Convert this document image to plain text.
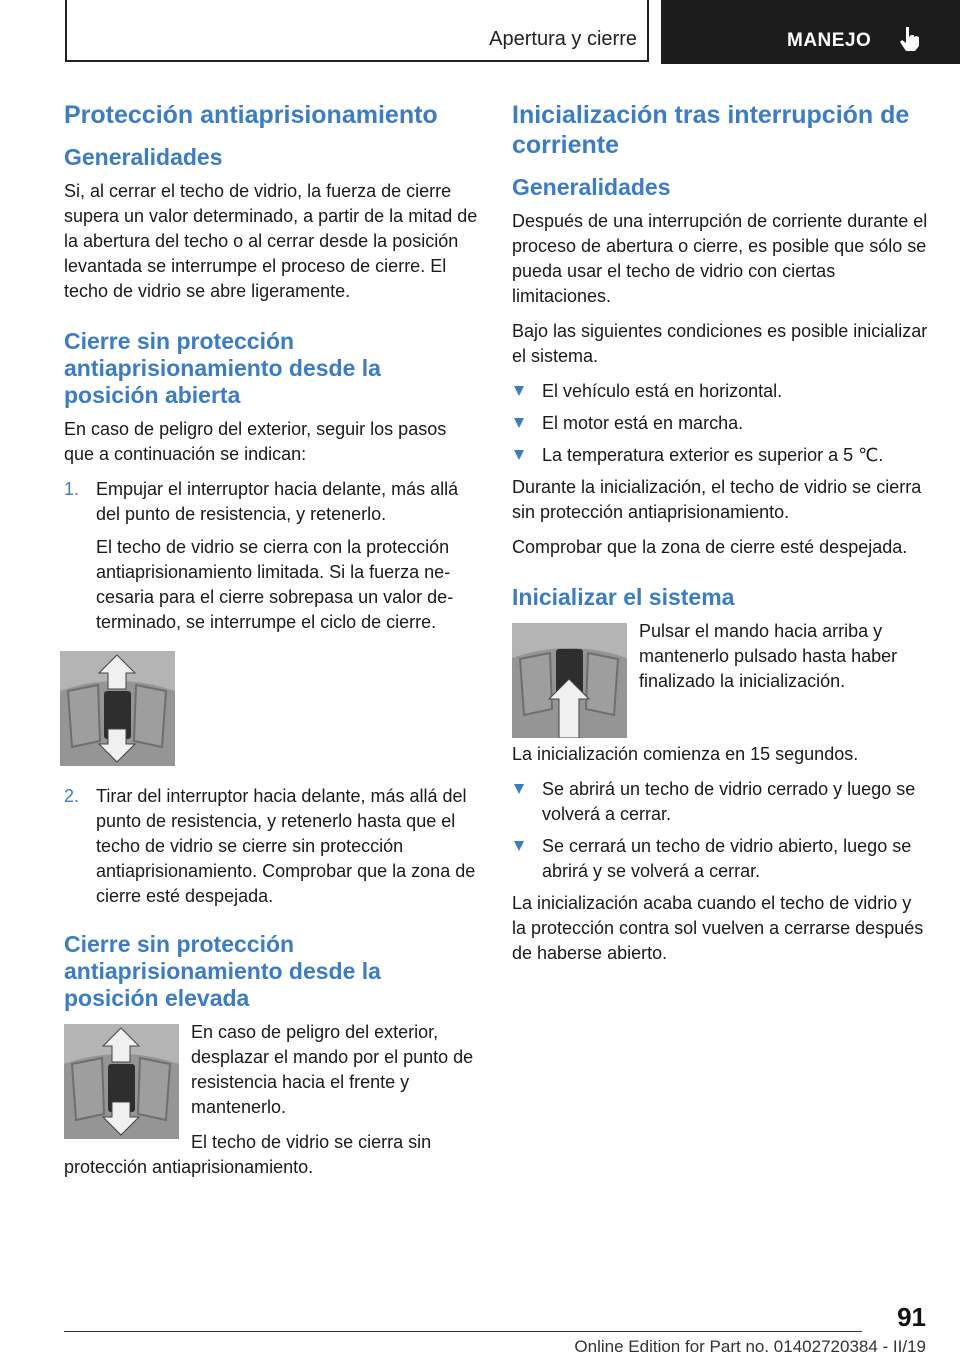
Apertura y cierre	MANEJO
Protección antiaprisionamiento
Generalidades

Si, al cerrar el techo de vidrio, la fuerza de cierre supera un valor determinado, a partir de la mitad de la abertura del techo o al cerrar desde la posición levantada se interrumpe el proceso de cierre. El techo de vidrio se abre ligeramente.

Cierre sin protección antiaprisionamiento desde la posición abierta

En caso de peligro del exterior, seguir los pasos que a continuación se indican:

1. Empujar el interruptor hacia delante, más allá del punto de resistencia, y retenerlo.

El techo de vidrio se cierra con la protección antiaprisionamiento limitada. Si la fuerza necesaria para el cierre sobrepasa un valor determinado, se interrumpe el ciclo de cierre.

2. Tirar del interruptor hacia delante, más allá del punto de resistencia, y retenerlo hasta que el techo de vidrio se cierre sin protección antiaprisionamiento. Comprobar que la zona de cierre esté despejada.

Cierre sin protección antiaprisionamiento desde la posición elevada

En caso de peligro del exterior, desplazar el mando por el punto de resistencia hacia el frente y mantenerlo.

El techo de vidrio se cierra sin protección antiaprisionamiento.

Inicialización tras interrupción de corriente
Generalidades

Después de una interrupción de corriente durante el proceso de abertura o cierre, es posible que sólo se pueda usar el techo de vidrio con ciertas limitaciones.

Bajo las siguientes condiciones es posible inicializar el sistema.

El vehículo está en horizontal.
El motor está en marcha.
La temperatura exterior es superior a 5 ℃.

Durante la inicialización, el techo de vidrio se cierra sin protección antiaprisionamiento.

Comprobar que la zona de cierre esté despejada.

Inicializar el sistema

Pulsar el mando hacia arriba y mantenerlo pulsado hasta haber finalizado la inicialización.

La inicialización comienza en 15 segundos.

Se abrirá un techo de vidrio cerrado y luego se volverá a cerrar.
Se cerrará un techo de vidrio abierto, luego se abrirá y se volverá a cerrar.

La inicialización acaba cuando el techo de vidrio y la protección contra sol vuelven a cerrarse después de haberse abierto.

91
Online Edition for Part no. 01402720384 - II/19
